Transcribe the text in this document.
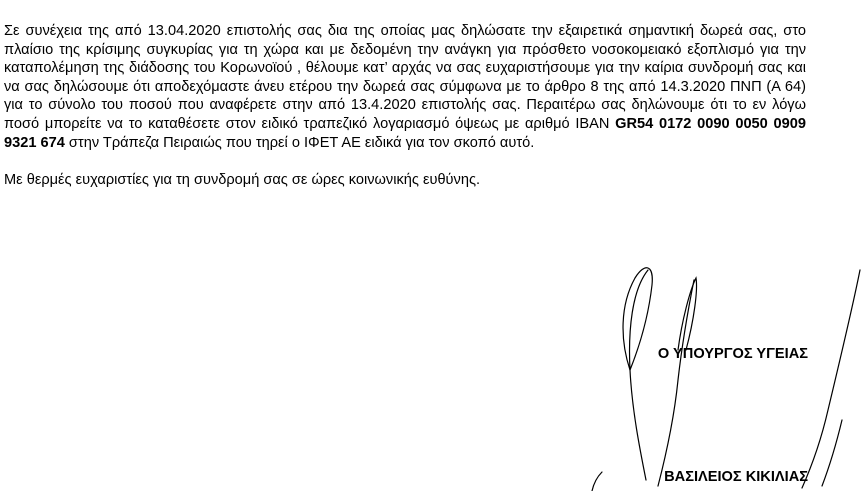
Σε συνέχεια της από 13.04.2020 επιστολής σας δια της οποίας μας δηλώσατε την εξαιρετικά σημαντική δωρεά σας, στο πλαίσιο της κρίσιμης συγκυρίας για τη χώρα και με δεδομένη την ανάγκη για πρόσθετο νοσοκομειακό εξοπλισμό για την καταπολέμηση της διάδοσης του Κορωνοϊού , θέλουμε κατ’ αρχάς να σας ευχαριστήσουμε για την καίρια συνδρομή σας και να σας δηλώσουμε ότι αποδεχόμαστε άνευ ετέρου την δωρεά σας σύμφωνα με το άρθρο 8 της από 14.3.2020 ΠΝΠ (Α 64) για το σύνολο του ποσού που αναφέρετε στην από 13.4.2020 επιστολής σας. Περαιτέρω σας δηλώνουμε ότι το εν λόγω ποσό μπορείτε να το καταθέσετε στον ειδικό τραπεζικό λογαριασμό όψεως με αριθμό IBAN GR54 0172 0090 0050 0909 9321 674 στην Τράπεζα Πειραιώς που τηρεί ο ΙΦΕΤ ΑΕ ειδικά για τον σκοπό αυτό.

Με θερμές ευχαριστίες για τη συνδρομή σας σε ώρες κοινωνικής ευθύνης.

Ο ΥΠΟΥΡΓΟΣ ΥΓΕΙΑΣ
ΒΑΣΙΛΕΙΟΣ ΚΙΚΙΛΙΑΣ
